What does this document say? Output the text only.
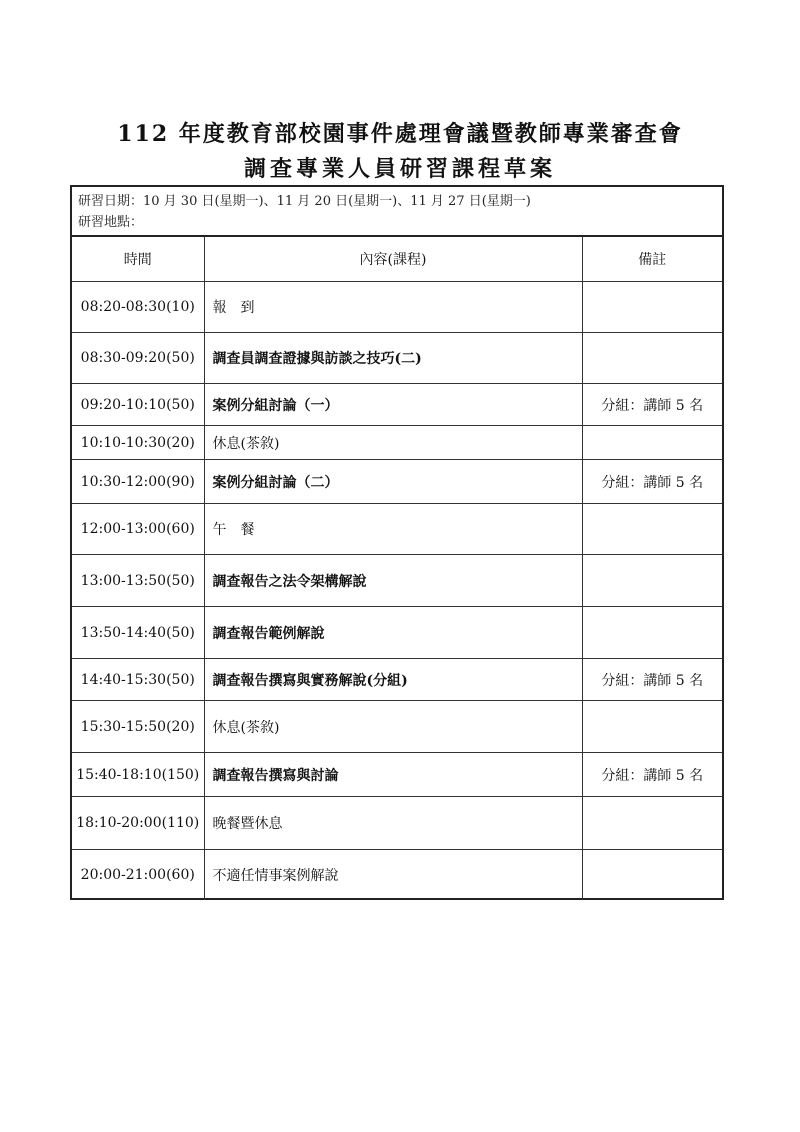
112 年度教育部校園事件處理會議暨教師專業審查會
調查專業人員研習課程草案
研習日期：10 月 30 日(星期一)、11 月 20 日(星期一)、11 月 27 日(星期一)
研習地點：
時間	內容(課程)	備註
08:20-08:30(10)	報　到	
08:30-09:20(50)	調查員調查證據與訪談之技巧(二)	
09:20-10:10(50)	案例分組討論（一）	分組：講師 5 名
10:10-10:30(20)	休息(茶敘)	
10:30-12:00(90)	案例分組討論（二）	分組：講師 5 名
12:00-13:00(60)	午　餐	
13:00-13:50(50)	調查報告之法令架構解說	
13:50-14:40(50)	調查報告範例解說	
14:40-15:30(50)	調查報告撰寫與實務解說(分組)	分組：講師 5 名
15:30-15:50(20)	休息(茶敘)	
15:40-18:10(150)	調查報告撰寫與討論	分組：講師 5 名
18:10-20:00(110)	晚餐暨休息	
20:00-21:00(60)	不適任情事案例解說	
